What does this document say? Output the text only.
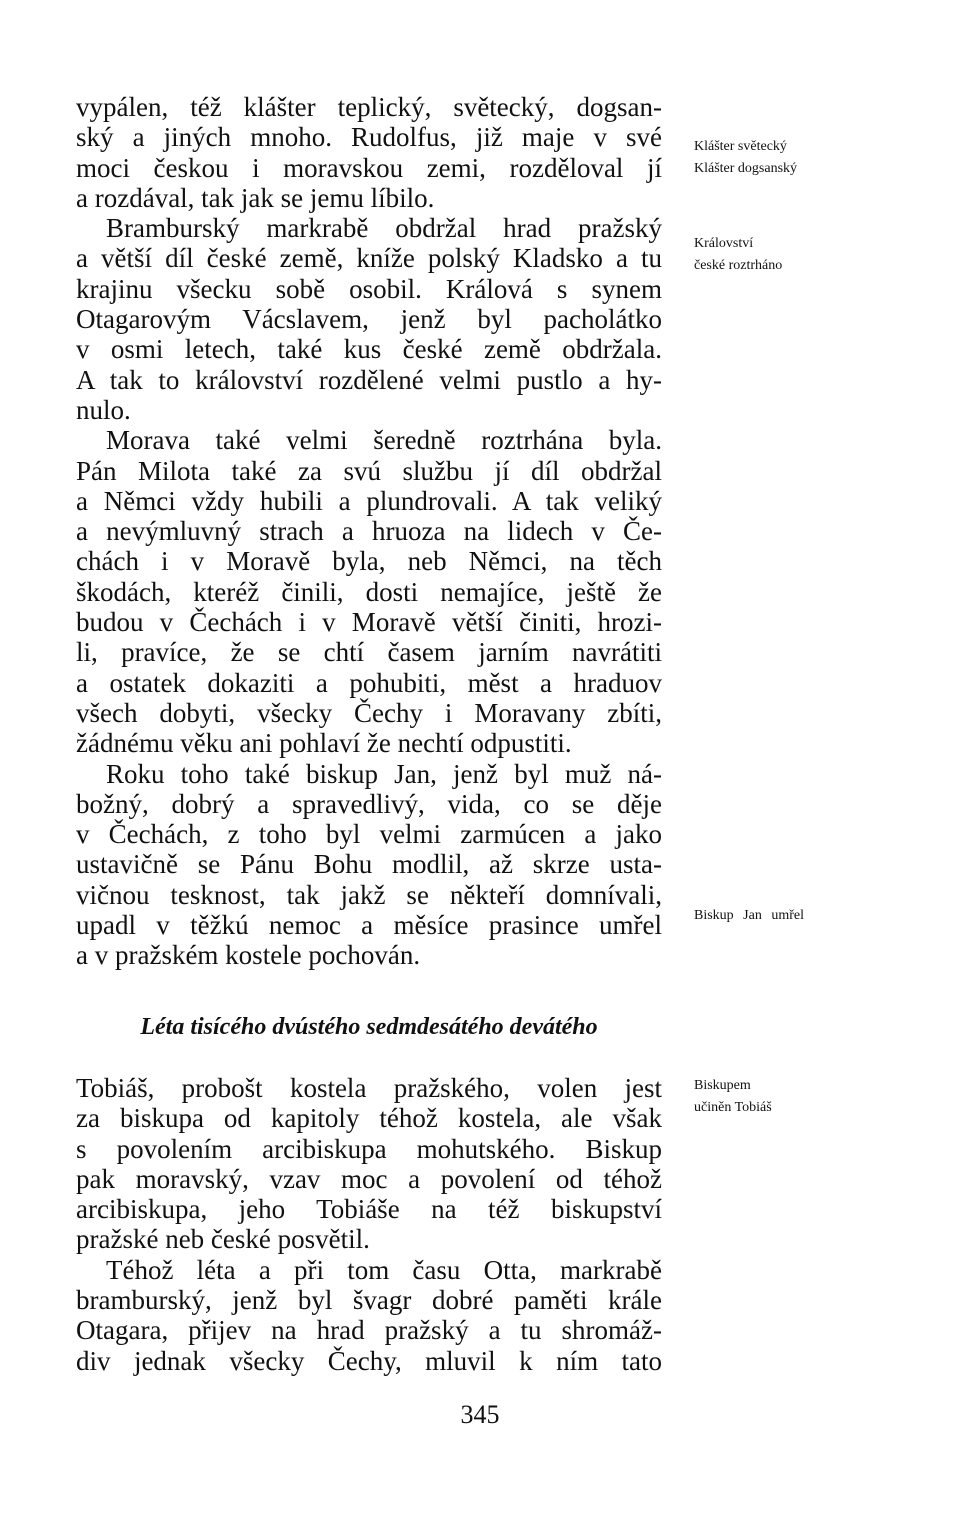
vypálen, též klášter teplický, světecký, dogsan-
ský a jiných mnoho. Rudolfus, již maje v své
moci českou i moravskou zemi, rozděloval jí
a rozdával, tak jak se jemu líbilo.
Bramburský markrabě obdržal hrad pražský
a větší díl české země, kníže polský Kladsko a tu
krajinu všecku sobě osobil. Králová s synem
Otagarovým Vácslavem, jenž byl pacholátko
v osmi letech, také kus české země obdržala.
A tak to království rozdělené velmi pustlo a hy-
nulo.
Morava také velmi šeredně roztrhána byla.
Pán Milota také za svú službu jí díl obdržal
a Němci vždy hubili a plundrovali. A tak veliký
a nevýmluvný strach a hruoza na lidech v Če-
chách i v Moravě byla, neb Němci, na těch
škodách, kteréž činili, dosti nemajíce, ještě že
budou v Čechách i v Moravě větší činiti, hrozi-
li, pravíce, že se chtí časem jarním navrátiti
a ostatek dokaziti a pohubiti, měst a hraduov
všech dobyti, všecky Čechy i Moravany zbíti,
žádnému věku ani pohlaví že nechtí odpustiti.
Roku toho také biskup Jan, jenž byl muž ná-
božný, dobrý a spravedlivý, vida, co se děje
v Čechách, z toho byl velmi zarmúcen a jako
ustavičně se Pánu Bohu modlil, až skrze usta-
vičnou tesknost, tak jakž se někteří domnívali,
upadl v těžkú nemoc a měsíce prasince umřel
a v pražském kostele pochován.
Klášter světecký
Klášter dogsanský
Království
české roztrháno
Biskup Jan umřel
Léta tisícého dvústého sedmdesátého devátého
Tobiáš, probošt kostela pražského, volen jest
za biskupa od kapitoly téhož kostela, ale však
s povolením arcibiskupa mohutského. Biskup
pak moravský, vzav moc a povolení od téhož
arcibiskupa, jeho Tobiáše na též biskupství
pražské neb české posvětil.
Téhož léta a při tom času Otta, markrabě
bramburský, jenž byl švagr dobré paměti krále
Otagara, přijev na hrad pražský a tu shromáž-
div jednak všecky Čechy, mluvil k ním tato
Biskupem
učiněn Tobiáš
345
